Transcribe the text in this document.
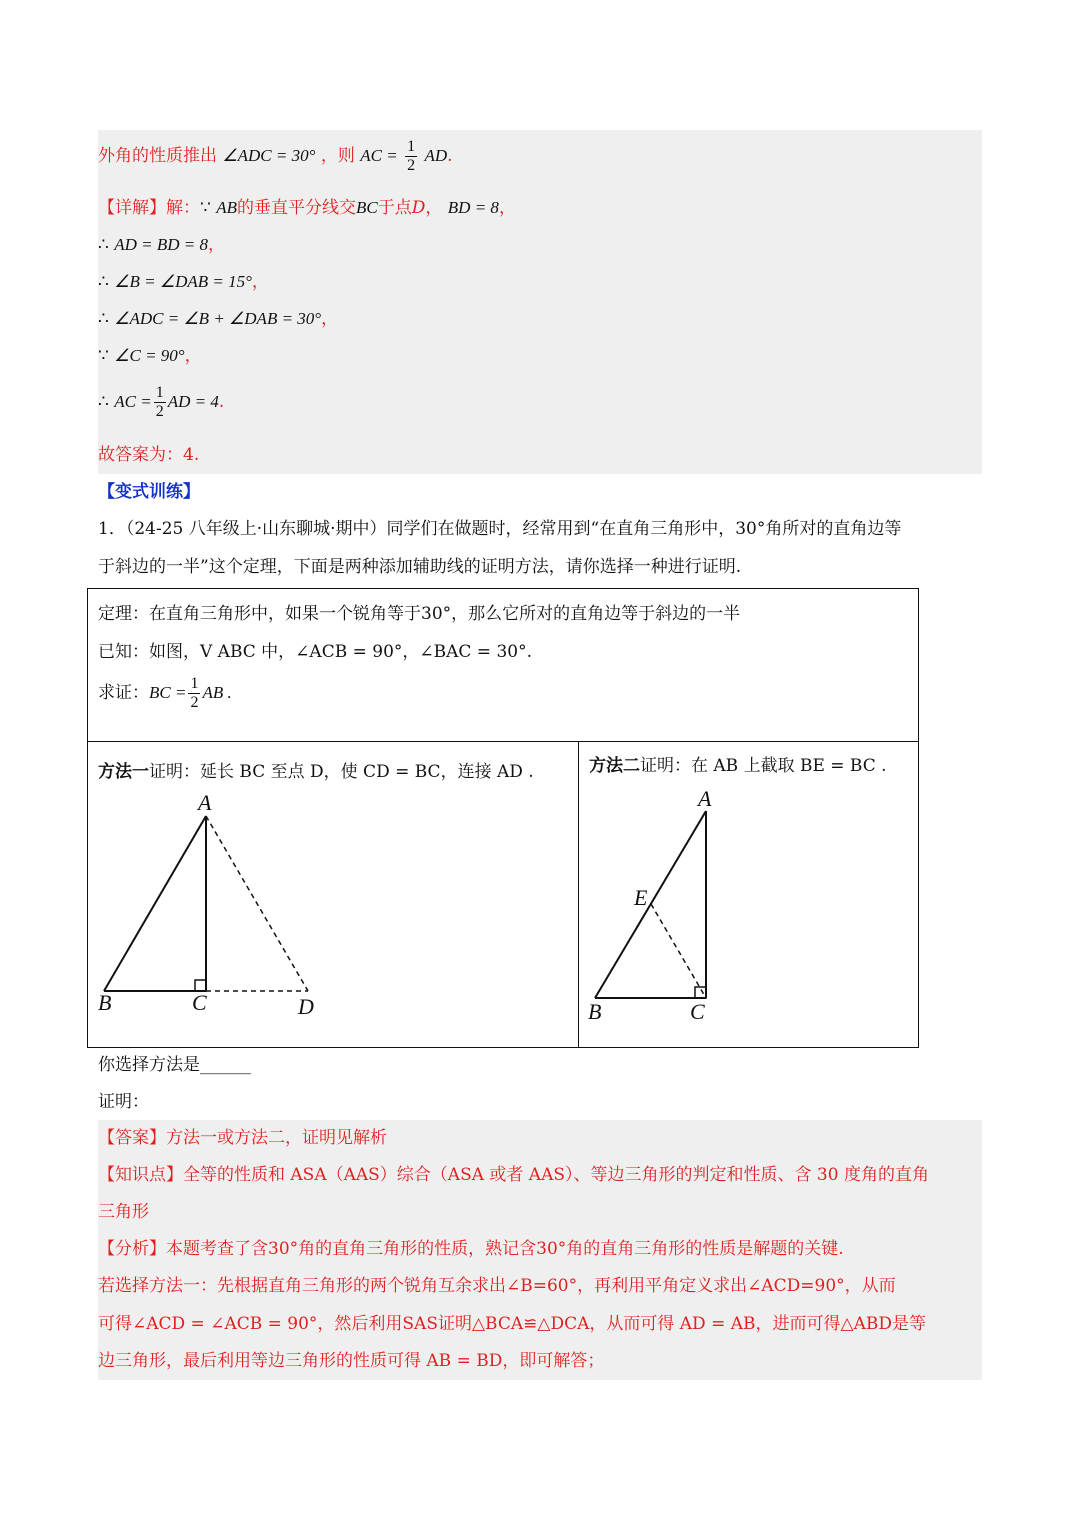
外角的性质推出 ∠ADC = 30° ，则 AC = $\frac{1}{2}$ AD.
【详解】解：∵ AB的垂直平分线交BC于点D， BD = 8，
∴ AD = BD = 8，
∴ ∠B = ∠DAB = 15°，
∴ ∠ADC = ∠B + ∠DAB = 30°，
∵ ∠C = 90°，
∴ AC = $\frac{1}{2}$ AD = 4.
故答案为：4.
【变式训练】
1．（24-25 八年级上·山东聊城·期中）同学们在做题时，经常用到“在直角三角形中，30°角所对的直角边等
于斜边的一半”这个定理，下面是两种添加辅助线的证明方法，请你选择一种进行证明.
定理：在直角三角形中，如果一个锐角等于30°，那么它所对的直角边等于斜边的一半
已知：如图，V ABC 中，∠ACB = 90°，∠BAC = 30°.
求证：BC = $\frac{1}{2}$ AB .
方法一证明：延长 BC 至点 D，使 CD = BC，连接 AD .	方法二证明：在 AB 上截取 BE = BC .
A
B	C	D
A
E
B	C
你选择方法是______
证明：
【答案】方法一或方法二，证明见解析
【知识点】全等的性质和 ASA（AAS）综合（ASA 或者 AAS）、等边三角形的判定和性质、含 30 度角的直角
三角形
【分析】本题考查了含30°角的直角三角形的性质，熟记含30°角的直角三角形的性质是解题的关键.
若选择方法一：先根据直角三角形的两个锐角互余求出∠B=60°，再利用平角定义求出∠ACD=90°，从而
可得∠ACD = ∠ACB = 90°，然后利用SAS证明△BCA≌△DCA，从而可得 AD = AB，进而可得△ABD是等
边三角形，最后利用等边三角形的性质可得 AB = BD，即可解答；
